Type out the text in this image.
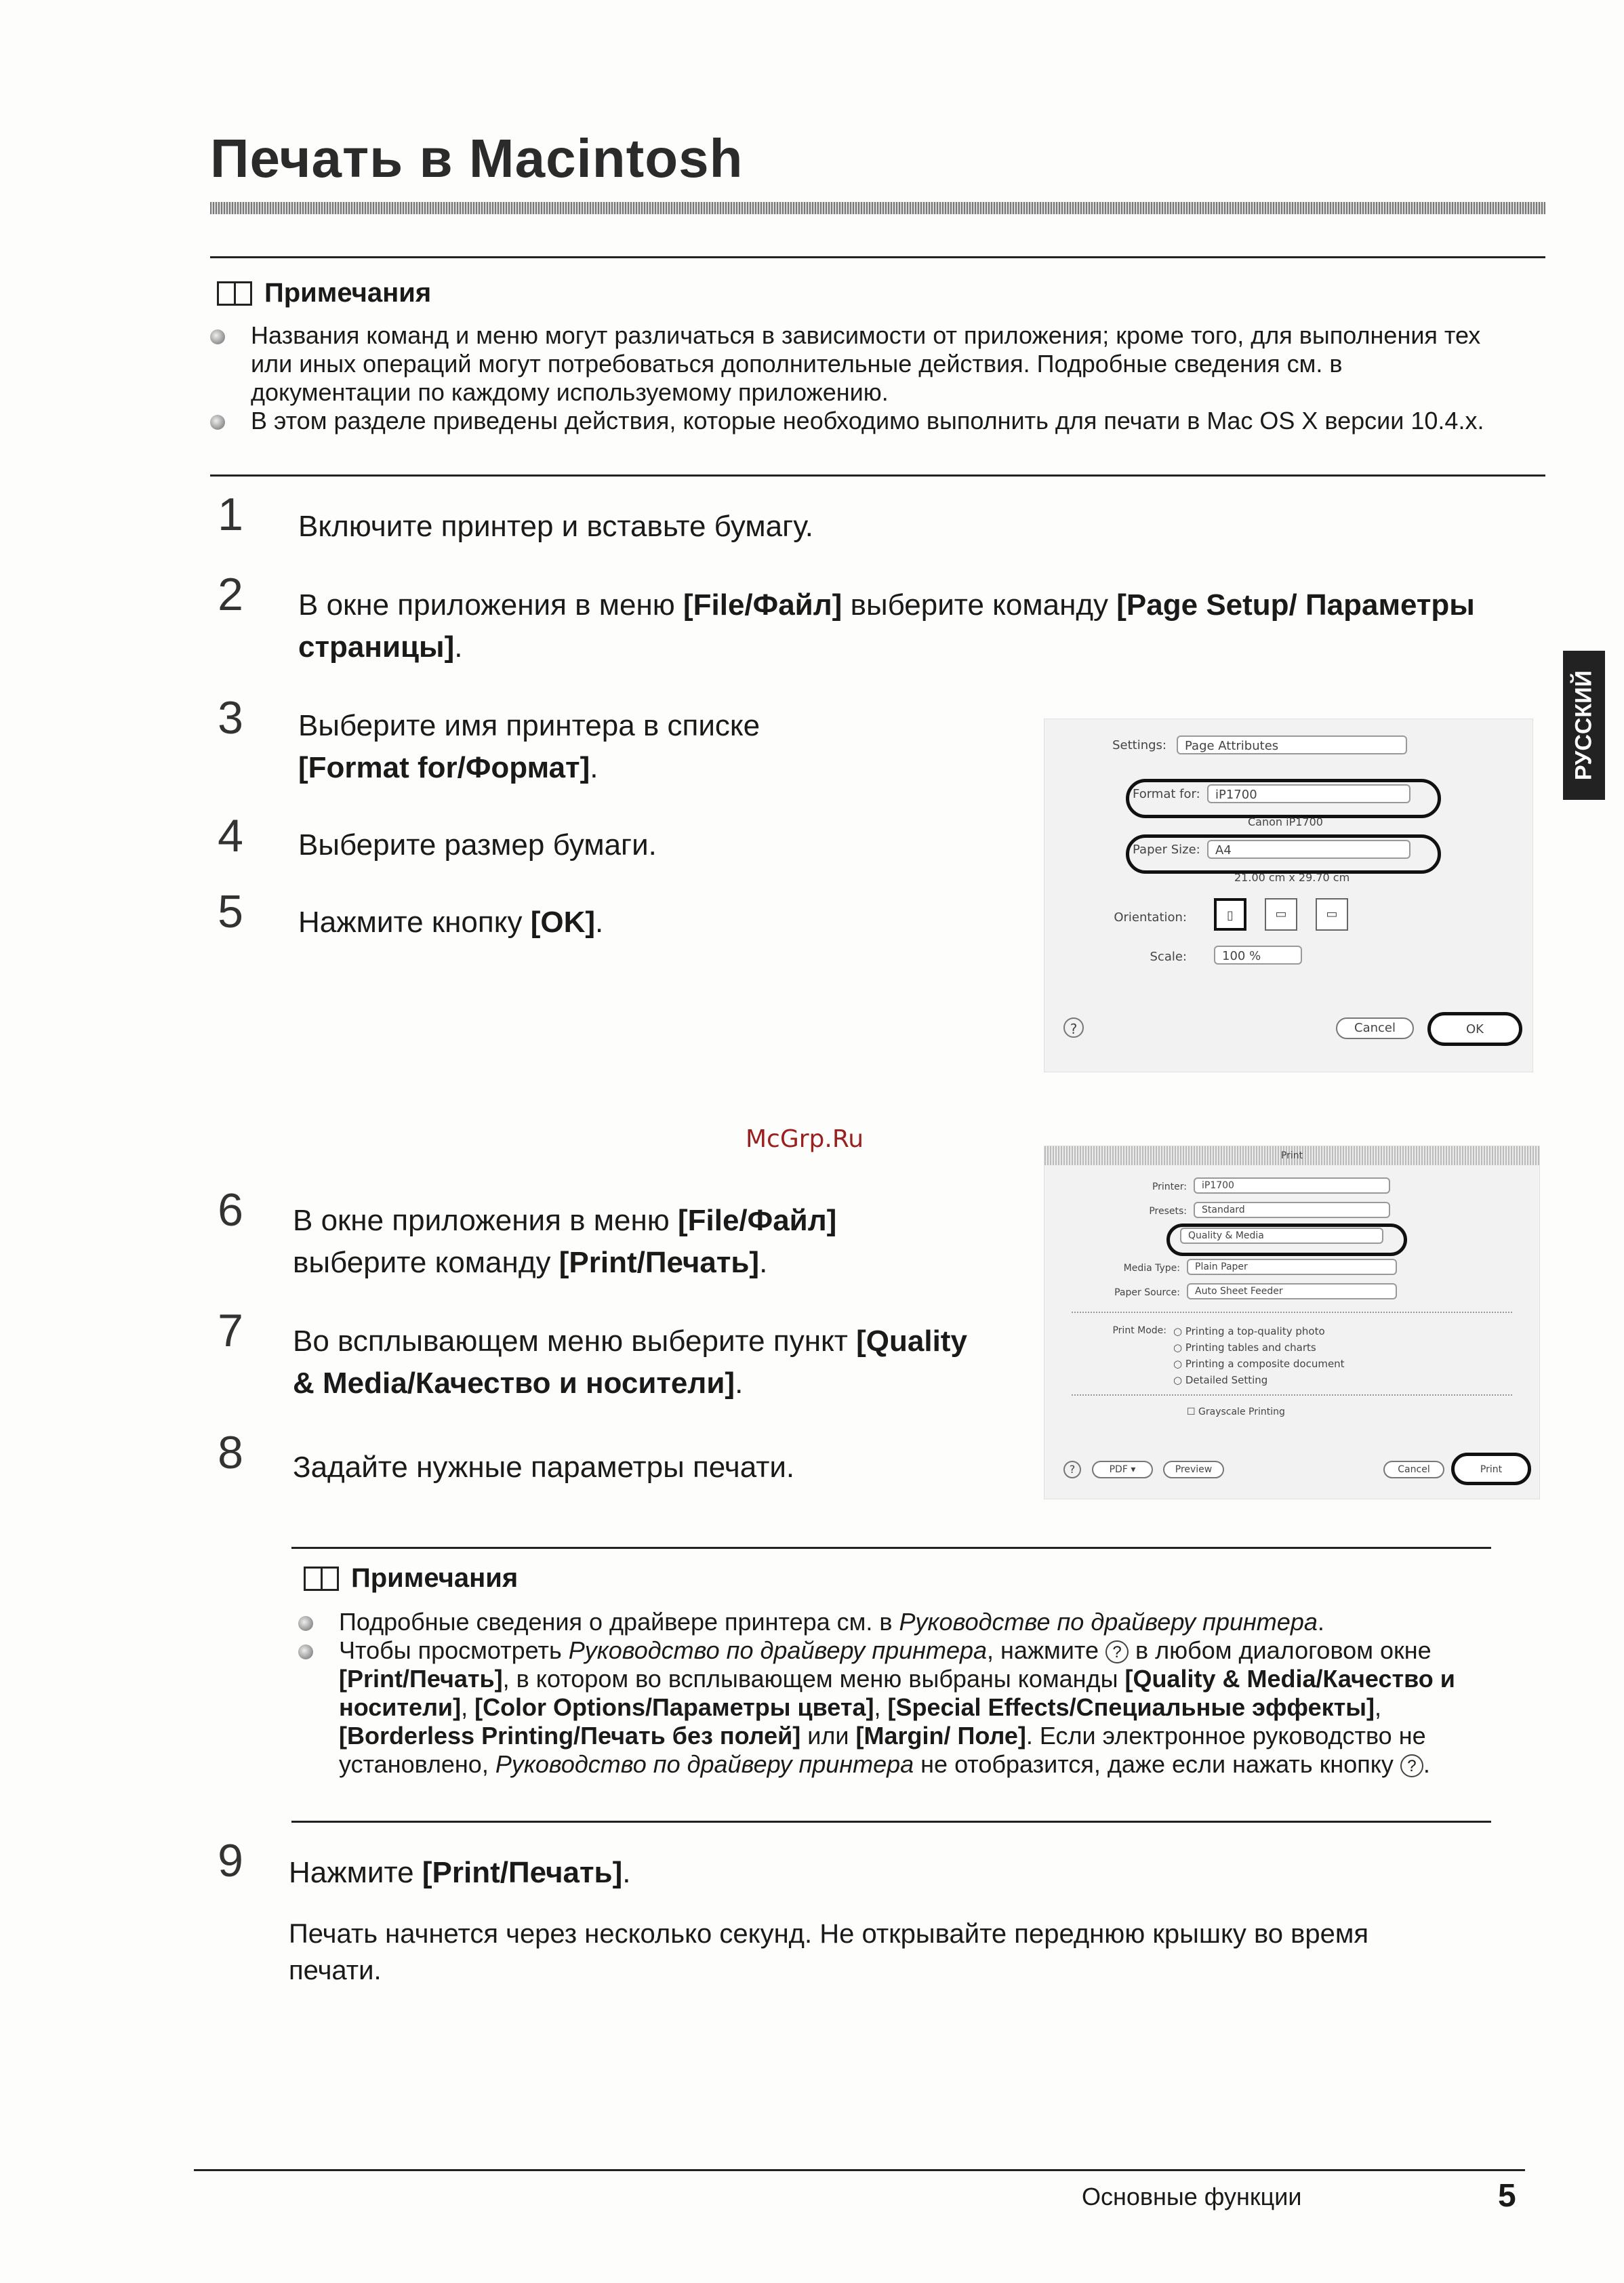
Печать в Macintosh
РУССКИЙ
Примечания
Названия команд и меню могут различаться в зависимости от приложения; кроме того, для выполнения тех или иных операций могут потребоваться дополнительные действия. Подробные сведения см. в документации по каждому используемому приложению.
В этом разделе приведены действия, которые необходимо выполнить для печати в Mac OS X версии 10.4.x.
1	Включите принтер и вставьте бумагу.
2	В окне приложения в меню [File/Файл] выберите команду [Page Setup/ Параметры страницы].
3	Выберите имя принтера в списке [Format for/Формат].
4	Выберите размер бумаги.
5	Нажмите кнопку [OK].
Settings:	Page Attributes
Format for:	iP1700
Canon iP1700
Paper Size:	A4
21.00 cm x 29.70 cm
Orientation:	▯	▭	▭
Scale:	100 %
?	Cancel	OK
McGrp.Ru
6	В окне приложения в меню [File/Файл] выберите команду [Print/Печать].
7	Во всплывающем меню выберите пункт [Quality & Media/Качество и носители].
8	Задайте нужные параметры печати.
Print
Printer:	iP1700
Presets:	Standard
Quality & Media
Media Type:	Plain Paper
Paper Source:	Auto Sheet Feeder
Print Mode:
○	Printing a top-quality photo
○ Printing tables and charts
○ Printing a composite document
○ Detailed Setting
☐ Grayscale Printing
?	PDF ▾	Preview	Cancel	Print
Примечания
Подробные сведения о драйвере принтера см. в Руководстве по драйверу принтера.
Чтобы просмотреть Руководство по драйверу принтера, нажмите ? в любом диалоговом окне [Print/Печать], в котором во всплывающем меню выбраны команды [Quality & Media/Качество и носители], [Color Options/Параметры цвета], [Special Effects/Специальные эффекты], [Borderless Printing/Печать без полей] или [Margin/ Поле]. Если электронное руководство не установлено, Руководство по драйверу принтера не отобразится, даже если нажать кнопку ? .
9	Нажмите [Print/Печать].
Печать начнется через несколько секунд. Не открывайте переднюю крышку во время печати.
Основные функции	5
